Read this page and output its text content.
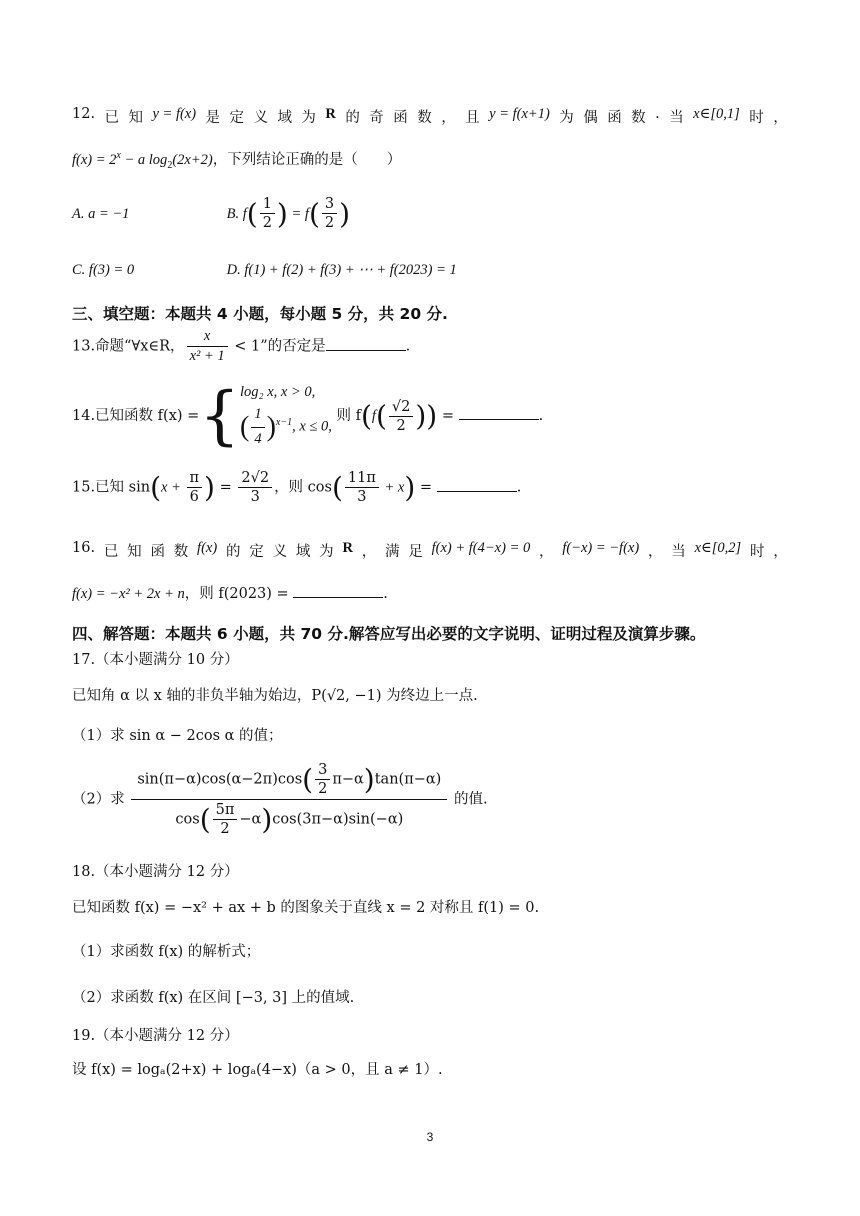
12. 已 知 y = f(x) 是 定 义 域 为 R 的 奇 函 数 ， 且 y = f(x+1) 为 偶 函 数 . 当 x∈[0,1] 时 ，
$f(x) = 2^x - a$ $\log_2(2x+2)$，下列结论正确的是（　　）
A. a = −1	B. $f( \frac{1}{2}$ ) = $f( \frac{3}{2}$ )
C. f(3) = 0	D. f(1) + f(2) + f(3) + ⋯ + f(2023) = 1
三、填空题：本题共 4 小题，每小题 5 分，共 20 分.
13.命题“∀x∈R， $\frac{x}{\text{x² + 1}} < 1$”的否定是	.
14.已知函数 f(x) ={ log₂ x, x > 0,
( $\frac{1}{4} )^{x-1}$, x ≤ 0,
则 $f(f( \frac{√2}{2}$ )) =	.
15.已知 $\sin(x + \frac{\pi}{6}$ ) = $\frac{2√2}{3}$ ，则 $\cos( \frac{11\pi}{3} + x)$ =	.
16. 已 知 函 数 f(x) 的 定 义 域 为 R ， 满 足 f(x) + f(4−x) = 0 ， f(−x) = −f(x) ， 当 x∈[0,2] 时 ，
f(x) = −x² + 2x + n，则 f(2023) =	.
四、解答题：本题共 6 小题，共 70 分.解答应写出必要的文字说明、证明过程及演算步骤。
17.（本小题满分 10 分）
已知角 α 以 x 轴的非负半轴为始边，P(√2, −1) 为终边上一点.
（1）求 sin α − 2cos α 的值；
（2）求 $\frac{\sin(\pi-\alpha)\cos(\alpha-2\pi)\cos( \frac{3}{2} \pi-\alpha)\tan(\pi-\alpha)}{\cos( \frac{5\pi}{2} -\alpha)\cos(3\pi-\alpha)\sin(-\alpha)}$ 的值.
18.（本小题满分 12 分）
已知函数 f(x) = −x² + ax + b 的图象关于直线 x = 2 对称且 f(1) = 0.
（1）求函数 f(x) 的解析式；
（2）求函数 f(x) 在区间 [−3, 3] 上的值域.
19.（本小题满分 12 分）
设 f(x) = logₐ(2+x) + logₐ(4−x)（a > 0，且 a ≠ 1）.
3
